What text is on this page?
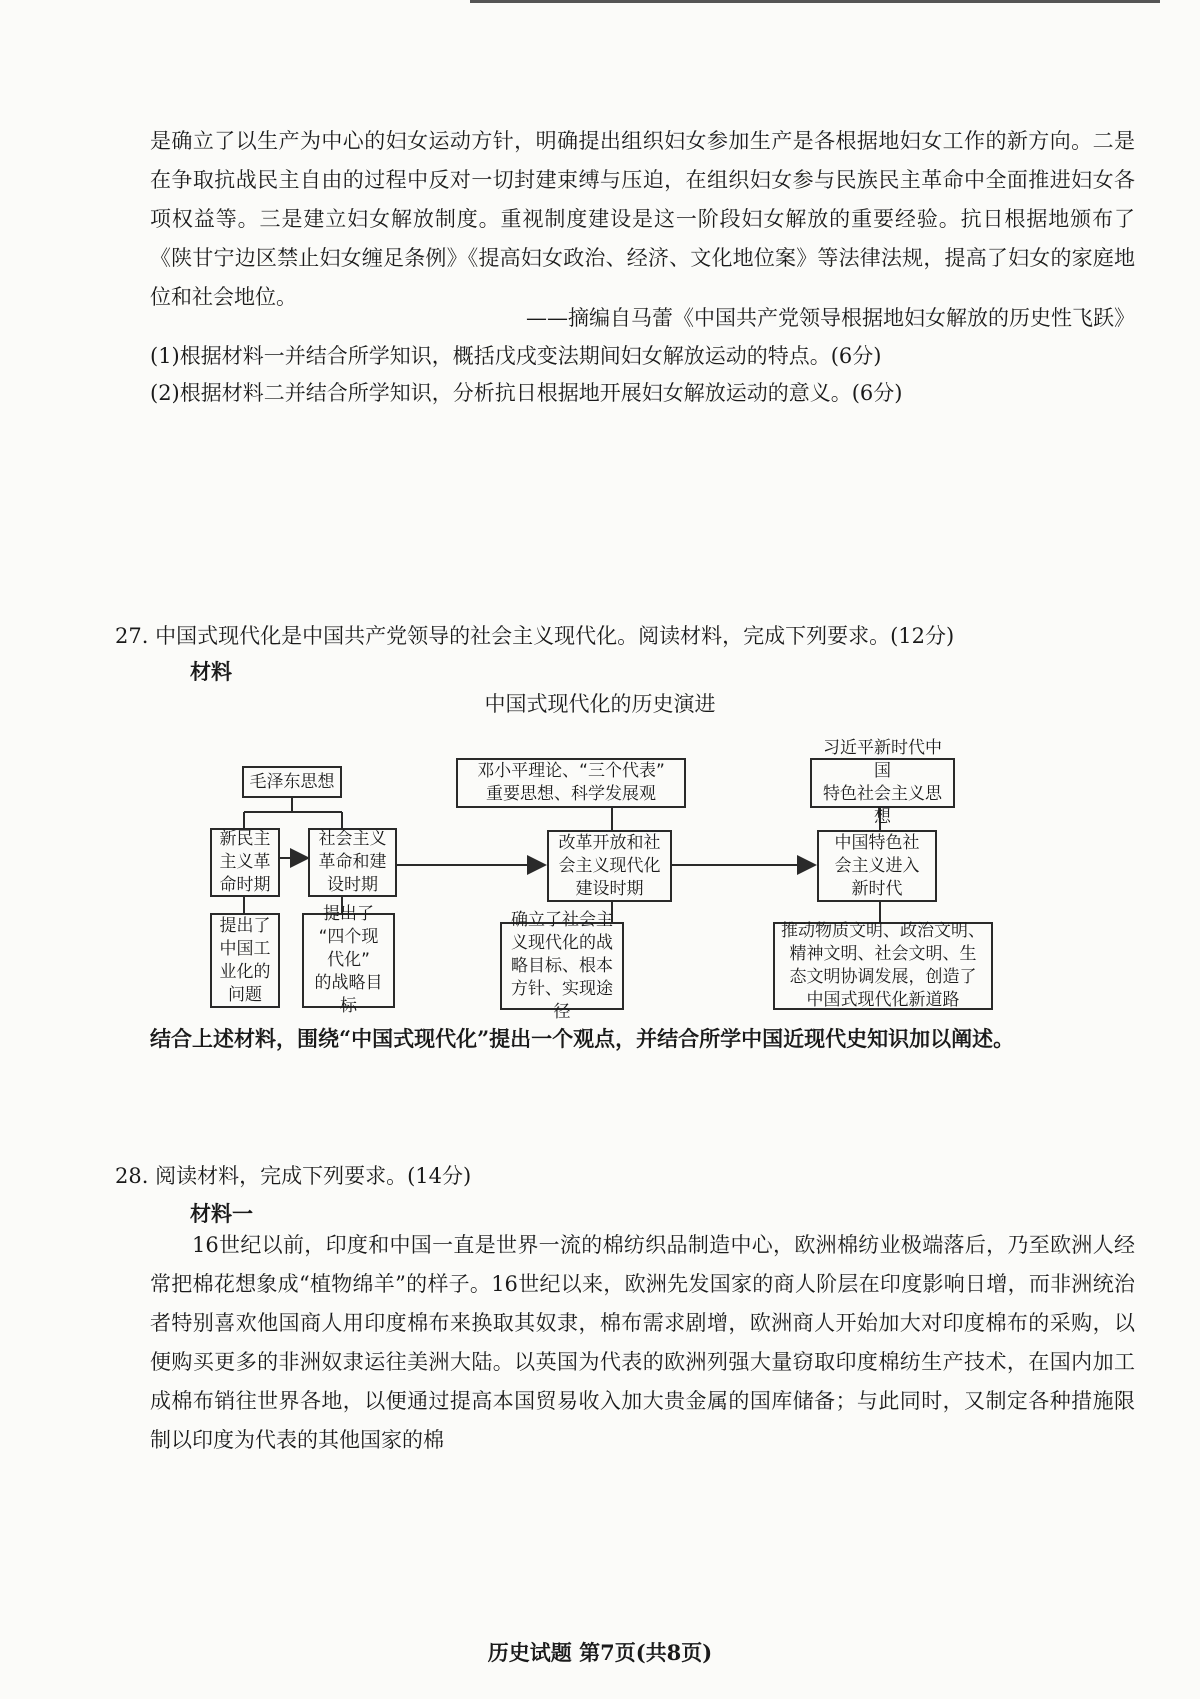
是确立了以生产为中心的妇女运动方针，明确提出组织妇女参加生产是各根据地妇女工作的新方向。二是在争取抗战民主自由的过程中反对一切封建束缚与压迫，在组织妇女参与民族民主革命中全面推进妇女各项权益等。三是建立妇女解放制度。重视制度建设是这一阶段妇女解放的重要经验。抗日根据地颁布了《陕甘宁边区禁止妇女缠足条例》《提高妇女政治、经济、文化地位案》等法律法规，提高了妇女的家庭地位和社会地位。

——摘编自马蕾《中国共产党领导根据地妇女解放的历史性飞跃》

(1)根据材料一并结合所学知识，概括戊戌变法期间妇女解放运动的特点。(6分)

(2)根据材料二并结合所学知识，分析抗日根据地开展妇女解放运动的意义。(6分)

27. 中国式现代化是中国共产党领导的社会主义现代化。阅读材料，完成下列要求。(12分)

材料

中国式现代化的历史演进
毛泽东思想
新民主
主义革
命时期
社会主义
革命和建
设时期
提出了
中国工
业化的
问题
提出了
“四个现
代化”
的战略目标
邓小平理论、“三个代表”
重要思想、科学发展观
改革开放和社
会主义现代化
建设时期
确立了社会主
义现代化的战
略目标、根本
方针、实现途径
习近平新时代中国
特色社会主义思想
中国特色社
会主义进入
新时代
推动物质文明、政治文明、
精神文明、社会文明、生
态文明协调发展，创造了
中国式现代化新道路

结合上述材料，围绕“中国式现代化”提出一个观点，并结合所学中国近现代史知识加以阐述。

28. 阅读材料，完成下列要求。(14分)

材料一

16世纪以前，印度和中国一直是世界一流的棉纺织品制造中心，欧洲棉纺业极端落后，乃至欧洲人经常把棉花想象成“植物绵羊”的样子。16世纪以来，欧洲先发国家的商人阶层在印度影响日增，而非洲统治者特别喜欢他国商人用印度棉布来换取其奴隶，棉布需求剧增，欧洲商人开始加大对印度棉布的采购，以便购买更多的非洲奴隶运往美洲大陆。以英国为代表的欧洲列强大量窃取印度棉纺生产技术，在国内加工成棉布销往世界各地，以便通过提高本国贸易收入加大贵金属的国库储备；与此同时，又制定各种措施限制以印度为代表的其他国家的棉

历史试题 第7页(共8页)
